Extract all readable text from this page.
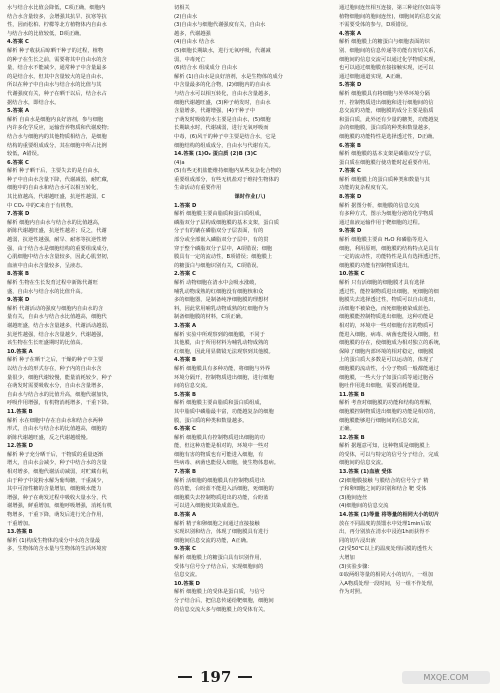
水与结合水比值会降低，C项正确，细胞内
结合水含量较多，会增强其抗旱、抗寒等抗
性，因而松柏、柠檬等北方植物体内自由水
与结合水的比值较低，D项正确。
4.答案 C
解析 种子收获后晾晒干种子的过程，植物
的种子在生长之前，需要将其中自由水的含
量，结合水不能减少，通常种子中含量最多
的是结合水，但其中含量较大的是自由水，
所以在种子中自由水与结合水的比值与其
代谢强度有关，种子在晒干以后，结合水占
据结合水，即结合水。
5.答案 A
解析 自由水是细胞内良好溶剂，参与细胞
内许多化学反应，运输营养物质和代谢废物；
结合水与细胞内的其他物质相结合，是细胞
结构的重要组成成分，其在细胞中所占比例
较低，A错误。
6.答案 C
解析 种子晒干后，主要失去的是自由水，
种子中自由水含量下降，代谢减弱，耐贮藏，
细胞中的自由水和结合水可以相互转化，
其比值越高，代谢越旺盛，抗逆性越弱，C
中 CO₂ 中的C来自于有机物。
7.答案 D
解析 细胞内自由水与结合水的比值越高，
新陈代谢越旺盛，抗逆性越差；反之，代谢
越弱，抗逆性越强，耐旱、耐寒等抗逆性增
强，由于结合水是细胞结构的重要组成成分，
心肌细胞中结合水含量较多，因此心肌坚韧，
血液中自由水含量较多，呈液态。
8.答案 B
解析 生物在生长发育过程中新陈代谢旺
盛，自由水与结合水的比值升高。
9.答案 D
解析 代谢活动的强度与细胞内自由水的含
量有关，自由水与结合水比值越高，细胞代
谢越旺盛，结合水含量越多，代谢活动越弱，
抗逆性越强，结合水含量越少，代谢越强，
该生物在生长旺盛期时的比值高。
10.答案 A
解析 种子在晒干之后，干燥的种子中主要
以结合水的形式存在，种子内的自由水含
量很少，细胞代谢较慢，能量消耗较少，种子
在萌发时需要吸收水分，自由水含量增多，
自由水与结合水的比值升高，细胞代谢加快，
呼吸作用增强，有机物消耗增多，干重下降。
11.答案 B
解析 水在细胞中存在自由水和结合水两种
形式，自由水与结合水的比值越高，细胞的
新陈代谢越旺盛，反之代谢越缓慢。
12.答案 D
解析 种子充分晒干后，干物质的重量逐渐
增大，自由水会减少，种子中结合水的含量
相对增多，细胞代谢活动减弱，对贮藏有利，
由于种子中淀粉水解为葡萄糖，干重减少，
其中可溶性糖的含量增加，细胞吸水能力
增强，种子在萌发过程中吸收大量水分，代
谢增强，鲜重增加，细胞呼吸增强，消耗有机
物增多，干重下降，萌发后进行光合作用，
干重增加。
13.答案 B
解析 (1)构成生物体的成分中水的含量最
多，生物体的含水量与生物体的生活环境密
切相关
(2)自由水
(3)自由水与细胞代谢强度有关，自由水
越多，代谢越强
(4)自由水 结合水
(5)细胞长期缺水，进行无氧呼吸，代谢减
弱，中毒死亡
(6)结合水 组成成分 自由水
解析 (1)自由水是良好溶剂，水是生物体的成分
中含量最多的化合物，(2)细胞内的自由水
与结合水可以相互转化，自由水含量越多，
细胞代谢越旺盛，(3)种子萌发时，自由水
含量增多，代谢增强，(4)干种子中
子萌发时吸收的水主要是自由水，(5)细胞
长期缺水时，代谢减弱，进行无氧呼吸而
中毒，(6)风干的种子中主要是结合水，它是
细胞结构的组成成分，自由水与代谢有关。
14.答案 (1)O₂ 蛋白质 (2)B (3)C
(4)a
(5)有些无机盐能维持细胞内某些复杂化合物的
重要组成部分，有些无机盐对于维持生物体的
生命活动有重要作用
课时作业(八)
1.答案 D
解析 细胞膜主要由脂质和蛋白质组成，
磷脂双分子层构成细胞膜的基本支架，蛋白质
分子有的镶在磷脂双分子层表面，有的
部分或全部嵌入磷脂双分子层中，有的贯
穿于整个磷脂双分子层中，A项错误；细胞
膜具有一定的流动性，B项错误；细胞膜上
的糖蛋白与细胞识别有关，C项错误。
2.答案 C
解析 动物细胞在清水中会吸水涨破，
哺乳动物成熟的红细胞没有细胞核和众
多的细胞器，是制备纯净细胞膜的理想材
料，因此常用哺乳动物成熟的红细胞作为
制备细胞膜的材料，C项正确。
3.答案 A
解析 实验中所观察到的细胞膜，不同于
其他膜，由于所用材料为哺乳动物成熟的
红细胞，因此用显微镜无法观察到其他膜。
4.答案 B
解析 细胞膜具有多种功能，将细胞与外界
环境分隔开，控制物质进出细胞，进行细胞
间的信息交流。
5.答案 B
解析 细胞膜主要由脂质和蛋白质组成，
其中脂质中磷脂最丰富，功能越复杂的细胞
膜，蛋白质的种类和数量越多。
6.答案 C
解析 细胞膜具有控制物质进出细胞的功
能，但这种功能是相对的，环境中一些对
细胞有害的物质也有可能进入细胞，有
些病毒、病菌也能侵入细胞，使生物体患病。
7.答案 B
解析 活细胞的细胞膜具有控制物质进出
的功能，台盼蓝不能进入活细胞，死细胞的
细胞膜失去控制物质进出的功能，台盼蓝
可以进入细胞使其染成蓝色。
8.答案 A
解析 精子和卵细胞之间通过直接接触
实现识别和结合，体现了细胞膜具有进行
细胞间信息交流的功能，A正确。
9.答案 C
解析 细胞膜上的糖蛋白具有识别作用，
受体与信号分子结合后，实现细胞间的
信息交流。
10.答案 D
解析 细胞膜上的受体是蛋白质，与信号
分子结合后，把信息传递给靶细胞，细胞间
的信息交流大多与细胞膜上的受体有关。
通过胞间连丝相互连接，第三种途径(如高等
植物细胞间的胞间连丝)，细胞间的信息交流
不需要受体的参与，D项错误。
4.答案 A
解析 细胞膜上的糖蛋白与细胞表面的识
别、细胞间的信息传递等功能有密切关系，
细胞间的信息交流可以通过化学物质实现，
也可以通过细胞膜直接接触实现，还可以
通过细胞通道实现，A正确。
5.答案 D
解析 细胞膜具有将细胞与外界环境分隔
开、控制物质进出细胞和进行细胞间的信
息交流的功能，细胞膜的成分主要是脂质
和蛋白质，此外还有少量的糖类，功能越复
杂的细胞膜，蛋白质的种类和数量越多，
细胞膜的功能特性是选择透过性，D正确。
6.答案 B
解析 细胞膜的基本支架是磷脂双分子层，
蛋白质在细胞膜行使功能时起重要作用。
7.答案 C
解析 细胞膜上的蛋白质种类和数量与其
功能的复杂程度有关。
8.答案 D
解析 据图分析，细胞膜的信息交流
有多种方式，图示为细胞分泌的化学物质
通过血液运输作用于靶细胞的过程。
9.答案 D
解析 细胞膜主要由 H₂O 和磷脂等进入
细胞，利用原则，细胞膜的结构特点是具有
一定的流动性，功能特性是具有选择透过性，
细胞膜的功能有控制物质进出。
10.答案 C
解析 只有活细胞的细胞膜才具有选择
透过性，能控制物质进出细胞，死细胞的细
胞膜失去选择透过性，物质可以自由进出，
活细胞不被染色，而死细胞被染成蓝色。
细胞膜能控制物质进出细胞，这种功能是
相对的，环境中一些对细胞有害的物质可
能进入细胞，病毒、病菌也能侵入细胞，但
细胞膜的存在，使细胞成为相对独立的系统，
保障了细胞内部环境的相对稳定，细胞膜
上的蛋白质大多数是可以运动的，体现了
细胞膜的流动性，小分子物质一般都能通过
细胞膜，一些大分子如蛋白质等通过胞吞
胞吐作用进出细胞，需要消耗能量。
11.答案 B
解析 考查对细胞膜的功能和结构的理解，
细胞膜控制物质进出细胞的功能是相对的，
细胞膜能够进行细胞间的信息交流，
正确。
12.答案 B
解析 据题意可知，这种物质是细胞膜上
的受体，可以与特定的信号分子结合，完成
细胞间的信息交流。
13.答案 (1)血液 受体
(2)细胞膜接触 与膜结合的信号分子 精
子和卵细胞之间的识别和结合 靶 受体
(3)胞间连丝
(4)细胞间的信息交流
14.答案 (1)等量 将等量的相同大小的切片
放在不同温度的蒸馏水中处理1min后取
出，再分别放在清水中浸泡1h而获得不
同的切片浸出液
(2)受50℃以上的温度处理后膜的透性大
大增加
(3)实验步骤：
①取两组等量的相同大小的切片，一组加
入A物质处理一段时间，另一组不作处理，
作为对照。
197	MXQE.COM
